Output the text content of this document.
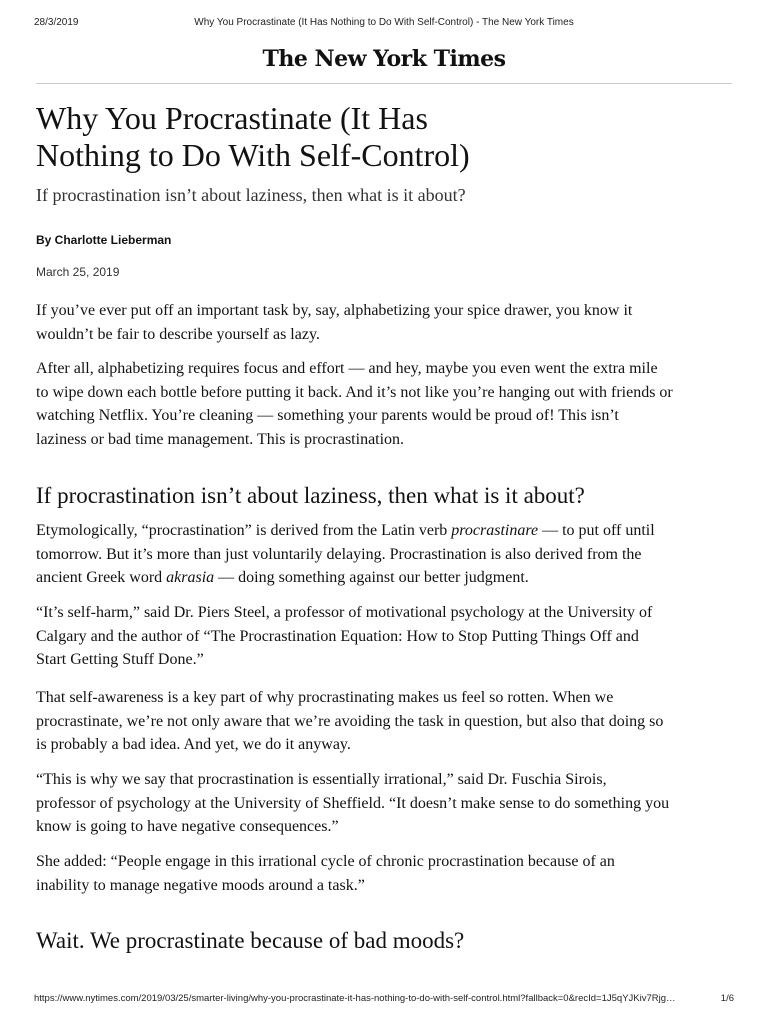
28/3/2019	Why You Procrastinate (It Has Nothing to Do With Self-Control) - The New York Times
The New York Times
Why You Procrastinate (It Has
Nothing to Do With Self-Control)

If procrastination isn’t about laziness, then what is it about?

By Charlotte Lieberman
March 25, 2019

If you’ve ever put off an important task by, say, alphabetizing your spice drawer, you know it
wouldn’t be fair to describe yourself as lazy.

After all, alphabetizing requires focus and effort — and hey, maybe you even went the extra mile
to wipe down each bottle before putting it back. And it’s not like you’re hanging out with friends or
watching Netflix. You’re cleaning — something your parents would be proud of! This isn’t
laziness or bad time management. This is procrastination.

If procrastination isn’t about laziness, then what is it about?

Etymologically, “procrastination” is derived from the Latin verb procrastinare — to put off until
tomorrow. But it’s more than just voluntarily delaying. Procrastination is also derived from the
ancient Greek word akrasia — doing something against our better judgment.

“It’s self-harm,” said Dr. Piers Steel, a professor of motivational psychology at the University of
Calgary and the author of “The Procrastination Equation: How to Stop Putting Things Off and
Start Getting Stuff Done.”

That self-awareness is a key part of why procrastinating makes us feel so rotten. When we
procrastinate, we’re not only aware that we’re avoiding the task in question, but also that doing so
is probably a bad idea. And yet, we do it anyway.

“This is why we say that procrastination is essentially irrational,” said Dr. Fuschia Sirois,
professor of psychology at the University of Sheffield. “It doesn’t make sense to do something you
know is going to have negative consequences.”

She added: “People engage in this irrational cycle of chronic procrastination because of an
inability to manage negative moods around a task.”

Wait. We procrastinate because of bad moods?
https://www.nytimes.com/2019/03/25/smarter-living/why-you-procrastinate-it-has-nothing-to-do-with-self-control.html?fallback=0&recId=1J5qYJKiv7Rjg…	1/6
